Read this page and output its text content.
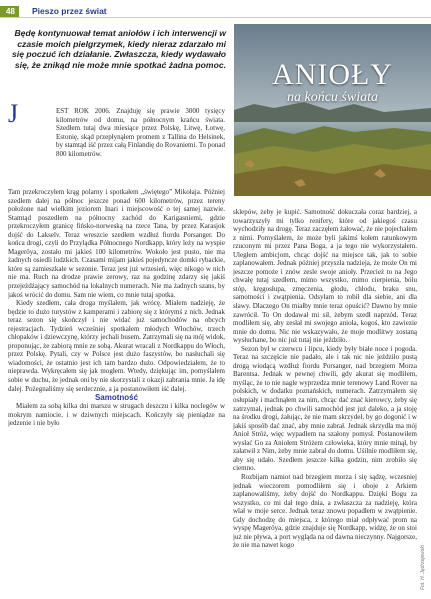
48	Pieszo przez świat
Będę kontynuował temat aniołów i ich interwencji w czasie moich pielgrzymek, kiedy nieraz zdarzało mi się poczuć ich działanie. Zwłaszcza, kiedy wydawało się, że znikąd nie może mnie spotkać żadna pomoc.	ANIOŁY
na końcu świata
J	EST ROK 2006. Znajduję się prawie 3000 tysięcy kilometrów od domu, na północnym krańcu świata. Szedłem tutaj dwa miesiące przez Polskę, Litwę, Łotwę, Estonię, skąd przepłynąłem promem z Tallina do Helsinek, by stamtąd iść przez całą Finlandię do Rovaniemi. To ponad 800 kilometrów.

Tam przekroczyłem krąg polarny i spotkałem „świętego” Mikołaja. Później szedłem dalej na północ jeszcze ponad 600 kilometrów, przez tereny położone nad wielkim jeziorem Inari i miejscowość o tej samej nazwie. Stamtąd poszedłem na północny zachód do Karigasniemi, gdzie przekroczyłem granicę fińsko-norweską na rzece Tana, by przez Karasjok dojść do Lakselv. Teraz wreszcie szedłem wzdłuż fiordu Porsanger. Do końca drogi, czyli do Przylądka Północnego Nordkapp, który leży na wyspie Mageröya, zostało mi jakieś 100 kilometrów. Wokoło jest pusto, nie ma żadnych osiedli ludzkich. Czasami mijam jakieś pojedyncze domki rybackie, które są zamieszkałe w sezonie. Teraz jest już wrzesień, więc nikogo w nich nie ma. Ruch na drodze prawie zerowy, raz na godzinę zdarzy się jakiś przejeżdżający samochód na lokalnych numerach. Nie ma żadnych szans, by jakoś wrócić do domu. Sam nie wiem, co mnie tutaj spotka.

Kiedy szedłem, cała droga myślałem, jak wrócę. Miałem nadzieję, że będzie to dużo turystów z kamperami i zabiorę się z którymś z nich. Jednak teraz sezon się skończył i nie widać już samochodów na obcych rejestracjach. Tydzień wcześniej spotkałem młodych Włochów, trzech chłopaków i dziewczynę, którzy jechali busem. Zatrzymali się na mój widok, proponując, że zabiorą mnie ze sobą. Akurat wracali z Nordkappu do Włoch, przez Polskę. Pytali, czy w Polsce jest dużo faszystów, bo nasłuchali się wiadomości, że ostatnio jest ich tam bardzo dużo. Odpowiedziałem, że to nieprawda. Wykręcałem się jak mogłem. Wtedy, dziękując im, pomyślałem sobie w duchu, że jednak oni by nie skorzystali z okazji zabrania mnie. Ja idę dalej. Pożegnaliśmy się serdecznie, a ja postanowiłem iść dalej.

Samotność

Miałem za sobą kilka dni marszu w strugach deszczu i kilka noclegów w mokrym namiocie, i w dziwnych miejscach. Kończyły się pieniądze na jedzenie i nie było

sklepów, żeby je kupić. Samotność dokuczała coraz bardziej, a towarzyszyły mi tylko renifery, które od jakiegoś czasu wychodziły na drogę. Teraz zaczęłem żałować, że nie pojechałem z nimi. Pomyślałem, że może byli jakimś kołem ratunkowym rzuconym mi przez Pana Boga, a ja tego nie wykorzystałem. Uległem ambicjom, chcąc dojść na miejsce tak, jak to sobie zaplanowałem. Jednak później przyszła nadzieja, że może On mi jeszcze pomoże i znów zesle swoje anioły. Przecież to na Jego chwałę tutaj szedłem, mimo wszystko, mimo cierpienia, bólu stóp, kręgosłupa, zmęczenia, głodu, chłodu, braku snu, samotności i zwątpienia. Odsyłam to robił dla siebie, ani dla sławy. Dlaczego On miałby mnie teraz opuścić? Dawno by mnie zawrócił. To On dodawał mi sił, żebym szedł naprzód. Teraz modliłem się, aby zesłał mi swojego anioła, kogoś, kto zawiezie mnie do domu. Nic nie wskazywało, że moje modlitwy zostaną wysłuchane, bo nic już tutaj nie jeździło.

Sezon był w czerwcu i lipcu, kiedy były białe noce i pogoda. Teraz na szczęście nie padało, ale i tak nic nie jeździło pustą drogą wiodącą wzdłuż fiordu Porsanger, nad brzegiem Morza Barentsa. Jednak w pewnej chwili, gdy akurat się modliłem, myśląc, że to nie nagle wyprzedza mnie terenowy Land Rover na polskich, w dodatku poznańskich, numerach. Zatrzymałem się osłupiały i machnąłem za nim, chcąc dać znać kierowcy, żeby się zatrzymał, jednak po chwili samochód jest już daleko, a ja stoję na środku drogi, żałując, że nie mam skrzydeł, by go dogonić i w jakiś sposób dać znać, aby mnie zabrał. Jednak skrzydła ma mój Anioł Stróż, więc wypadłem na szałony pomysł. Postanowiłem wysłać Go za Aniołem Stróżem człowieka, który mnie minął, by załatwił z Nim, żeby mnie zabrał do domu. Uśilnie modliłem się, aby się udało. Szedłem jeszcze kilka godzin, nim zrobiło się ciemno.

Rozbijam namiot nad brzegiem morza i się sądzę, wczesniej jednak wieczorem pomodliłem się i oboje z Arkiem zaplanowaliśmy, żeby dojść do Nordkappu. Dzięki Bogu za wszystko, co mi dał tego dnia, a zwłaszcza za nadzieję, która wlał w moje serce. Jednak teraz znowu popadłem w zwątpienie. Gdy dochodzę do miejsca, z którego miał odpływać prom na wyspę Mageröya, gdzie znajduje się Nordkapp, widzę, że on stoi już nie pływa, a port wygląda na od dawna nieczynny. Najgorsze, że nie ma nawet kogo	Fot. H. Jędrzejewski
